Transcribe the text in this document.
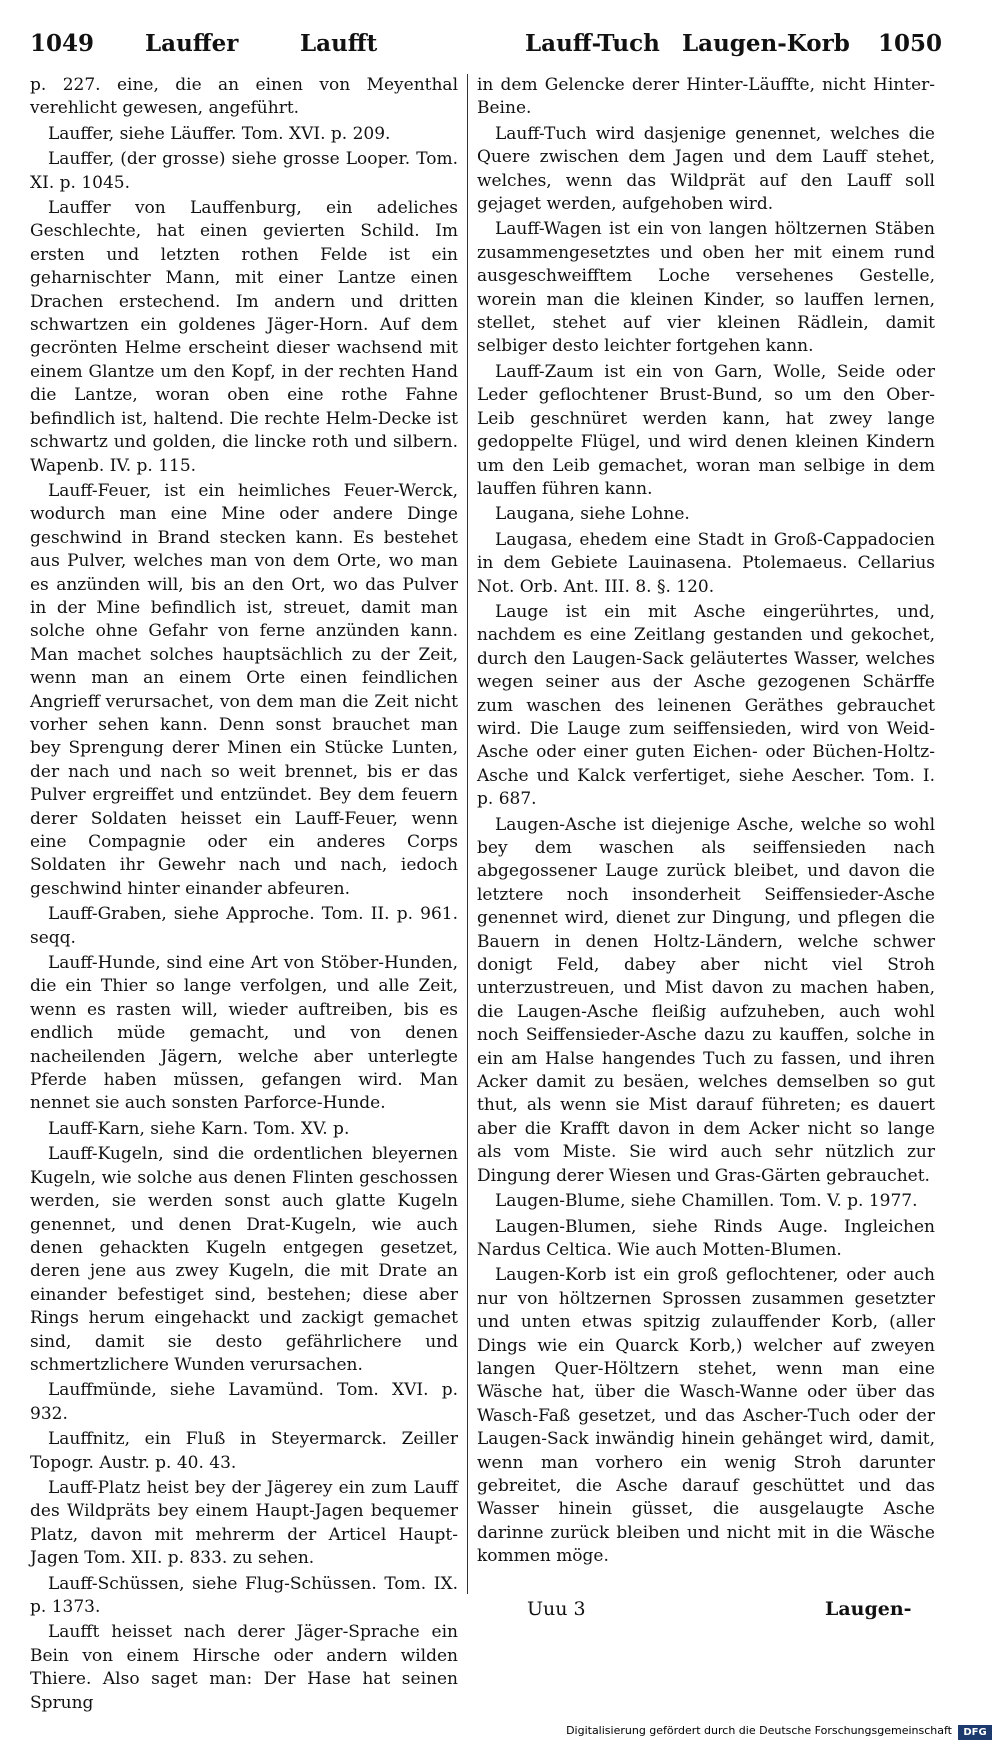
1049 Lauffer	Laufft	Lauff-Tuch Laugen-Korb 1050

p. 227. eine, die an einen von Meyenthal verehlicht gewesen, angeführt.

Lauffer, siehe Läuffer. Tom. XVI. p. 209.

Lauffer, (der grosse) siehe grosse Looper. Tom. XI. p. 1045.

Lauffer von Lauffenburg, ein adeliches Geschlechte, hat einen gevierten Schild. Im ersten und letzten rothen Felde ist ein geharnischter Mann, mit einer Lantze einen Drachen erstechend. Im andern und dritten schwartzen ein goldenes Jäger-Horn. Auf dem gecrönten Helme erscheint dieser wachsend mit einem Glantze um den Kopf, in der rechten Hand die Lantze, woran oben eine rothe Fahne befindlich ist, haltend. Die rechte Helm-Decke ist schwartz und golden, die lincke roth und silbern. Wapenb. IV. p. 115.

Lauff-Feuer, ist ein heimliches Feuer-Werck, wodurch man eine Mine oder andere Dinge geschwind in Brand stecken kann. Es bestehet aus Pulver, welches man von dem Orte, wo man es anzünden will, bis an den Ort, wo das Pulver in der Mine befindlich ist, streuet, damit man solche ohne Gefahr von ferne anzünden kann. Man machet solches hauptsächlich zu der Zeit, wenn man an einem Orte einen feindlichen Angrieff verursachet, von dem man die Zeit nicht vorher sehen kann. Denn sonst brauchet man bey Sprengung derer Minen ein Stücke Lunten, der nach und nach so weit brennet, bis er das Pulver ergreiffet und entzündet. Bey dem feuern derer Soldaten heisset ein Lauff-Feuer, wenn eine Compagnie oder ein anderes Corps Soldaten ihr Gewehr nach und nach, iedoch geschwind hinter einander abfeuren.

Lauff-Graben, siehe Approche. Tom. II. p. 961. seqq.

Lauff-Hunde, sind eine Art von Stöber-Hunden, die ein Thier so lange verfolgen, und alle Zeit, wenn es rasten will, wieder auftreiben, bis es endlich müde gemacht, und von denen nacheilenden Jägern, welche aber unterlegte Pferde haben müssen, gefangen wird. Man nennet sie auch sonsten Parforce-Hunde.

Lauff-Karn, siehe Karn. Tom. XV. p.

Lauff-Kugeln, sind die ordentlichen bleyernen Kugeln, wie solche aus denen Flinten geschossen werden, sie werden sonst auch glatte Kugeln genennet, und denen Drat-Kugeln, wie auch denen gehackten Kugeln entgegen gesetzet, deren jene aus zwey Kugeln, die mit Drate an einander befestiget sind, bestehen; diese aber Rings herum eingehackt und zackigt gemachet sind, damit sie desto gefährlichere und schmertzlichere Wunden verursachen.

Lauffmünde, siehe Lavamünd. Tom. XVI. p. 932.

Lauffnitz, ein Fluß in Steyermarck. Zeiller Topogr. Austr. p. 40. 43.

Lauff-Platz heist bey der Jägerey ein zum Lauff des Wildpräts bey einem Haupt-Jagen bequemer Platz, davon mit mehrerm der Articel Haupt-Jagen Tom. XII. p. 833. zu sehen.

Lauff-Schüssen, siehe Flug-Schüssen. Tom. IX. p. 1373.

Laufft heisset nach derer Jäger-Sprache ein Bein von einem Hirsche oder andern wilden Thiere. Also saget man: Der Hase hat seinen Sprung

in dem Gelencke derer Hinter-Läuffte, nicht Hinter-Beine.

Lauff-Tuch wird dasjenige genennet, welches die Quere zwischen dem Jagen und dem Lauff stehet, welches, wenn das Wildprät auf den Lauff soll gejaget werden, aufgehoben wird.

Lauff-Wagen ist ein von langen höltzernen Stäben zusammengesetztes und oben her mit einem rund ausgeschweifftem Loche versehenes Gestelle, worein man die kleinen Kinder, so lauffen lernen, stellet, stehet auf vier kleinen Rädlein, damit selbiger desto leichter fortgehen kann.

Lauff-Zaum ist ein von Garn, Wolle, Seide oder Leder geflochtener Brust-Bund, so um den Ober-Leib geschnüret werden kann, hat zwey lange gedoppelte Flügel, und wird denen kleinen Kindern um den Leib gemachet, woran man selbige in dem lauffen führen kann.

Laugana, siehe Lohne.

Laugasa, ehedem eine Stadt in Groß-Cappadocien in dem Gebiete Lauinasena. Ptolemaeus. Cellarius Not. Orb. Ant. III. 8. §. 120.

Lauge ist ein mit Asche eingerührtes, und, nachdem es eine Zeitlang gestanden und gekochet, durch den Laugen-Sack geläutertes Wasser, welches wegen seiner aus der Asche gezogenen Schärffe zum waschen des leinenen Geräthes gebrauchet wird. Die Lauge zum seiffensieden, wird von Weid-Asche oder einer guten Eichen- oder Büchen-Holtz-Asche und Kalck verfertiget, siehe Aescher. Tom. I. p. 687.

Laugen-Asche ist diejenige Asche, welche so wohl bey dem waschen als seiffensieden nach abgegossener Lauge zurück bleibet, und davon die letztere noch insonderheit Seiffensieder-Asche genennet wird, dienet zur Dingung, und pflegen die Bauern in denen Holtz-Ländern, welche schwer donigt Feld, dabey aber nicht viel Stroh unterzustreuen, und Mist davon zu machen haben, die Laugen-Asche fleißig aufzuheben, auch wohl noch Seiffensieder-Asche dazu zu kauffen, solche in ein am Halse hangendes Tuch zu fassen, und ihren Acker damit zu besäen, welches demselben so gut thut, als wenn sie Mist darauf führeten; es dauert aber die Krafft davon in dem Acker nicht so lange als vom Miste. Sie wird auch sehr nützlich zur Dingung derer Wiesen und Gras-Gärten gebrauchet.

Laugen-Blume, siehe Chamillen. Tom. V. p. 1977.

Laugen-Blumen, siehe Rinds Auge. Ingleichen Nardus Celtica. Wie auch Motten-Blumen.

Laugen-Korb ist ein groß geflochtener, oder auch nur von höltzernen Sprossen zusammen gesetzter und unten etwas spitzig zulauffender Korb, (aller Dings wie ein Quarck Korb,) welcher auf zweyen langen Quer-Höltzern stehet, wenn man eine Wäsche hat, über die Wasch-Wanne oder über das Wasch-Faß gesetzet, und das Ascher-Tuch oder der Laugen-Sack inwändig hinein gehänget wird, damit, wenn man vorhero ein wenig Stroh darunter gebreitet, die Asche darauf geschüttet und das Wasser hinein güsset, die ausgelaugte Asche darinne zurück bleiben und nicht mit in die Wäsche kommen möge.

Uuu 3	Laugen-
Digitalisierung gefördert durch die Deutsche Forschungsgemeinschaft	DFG
